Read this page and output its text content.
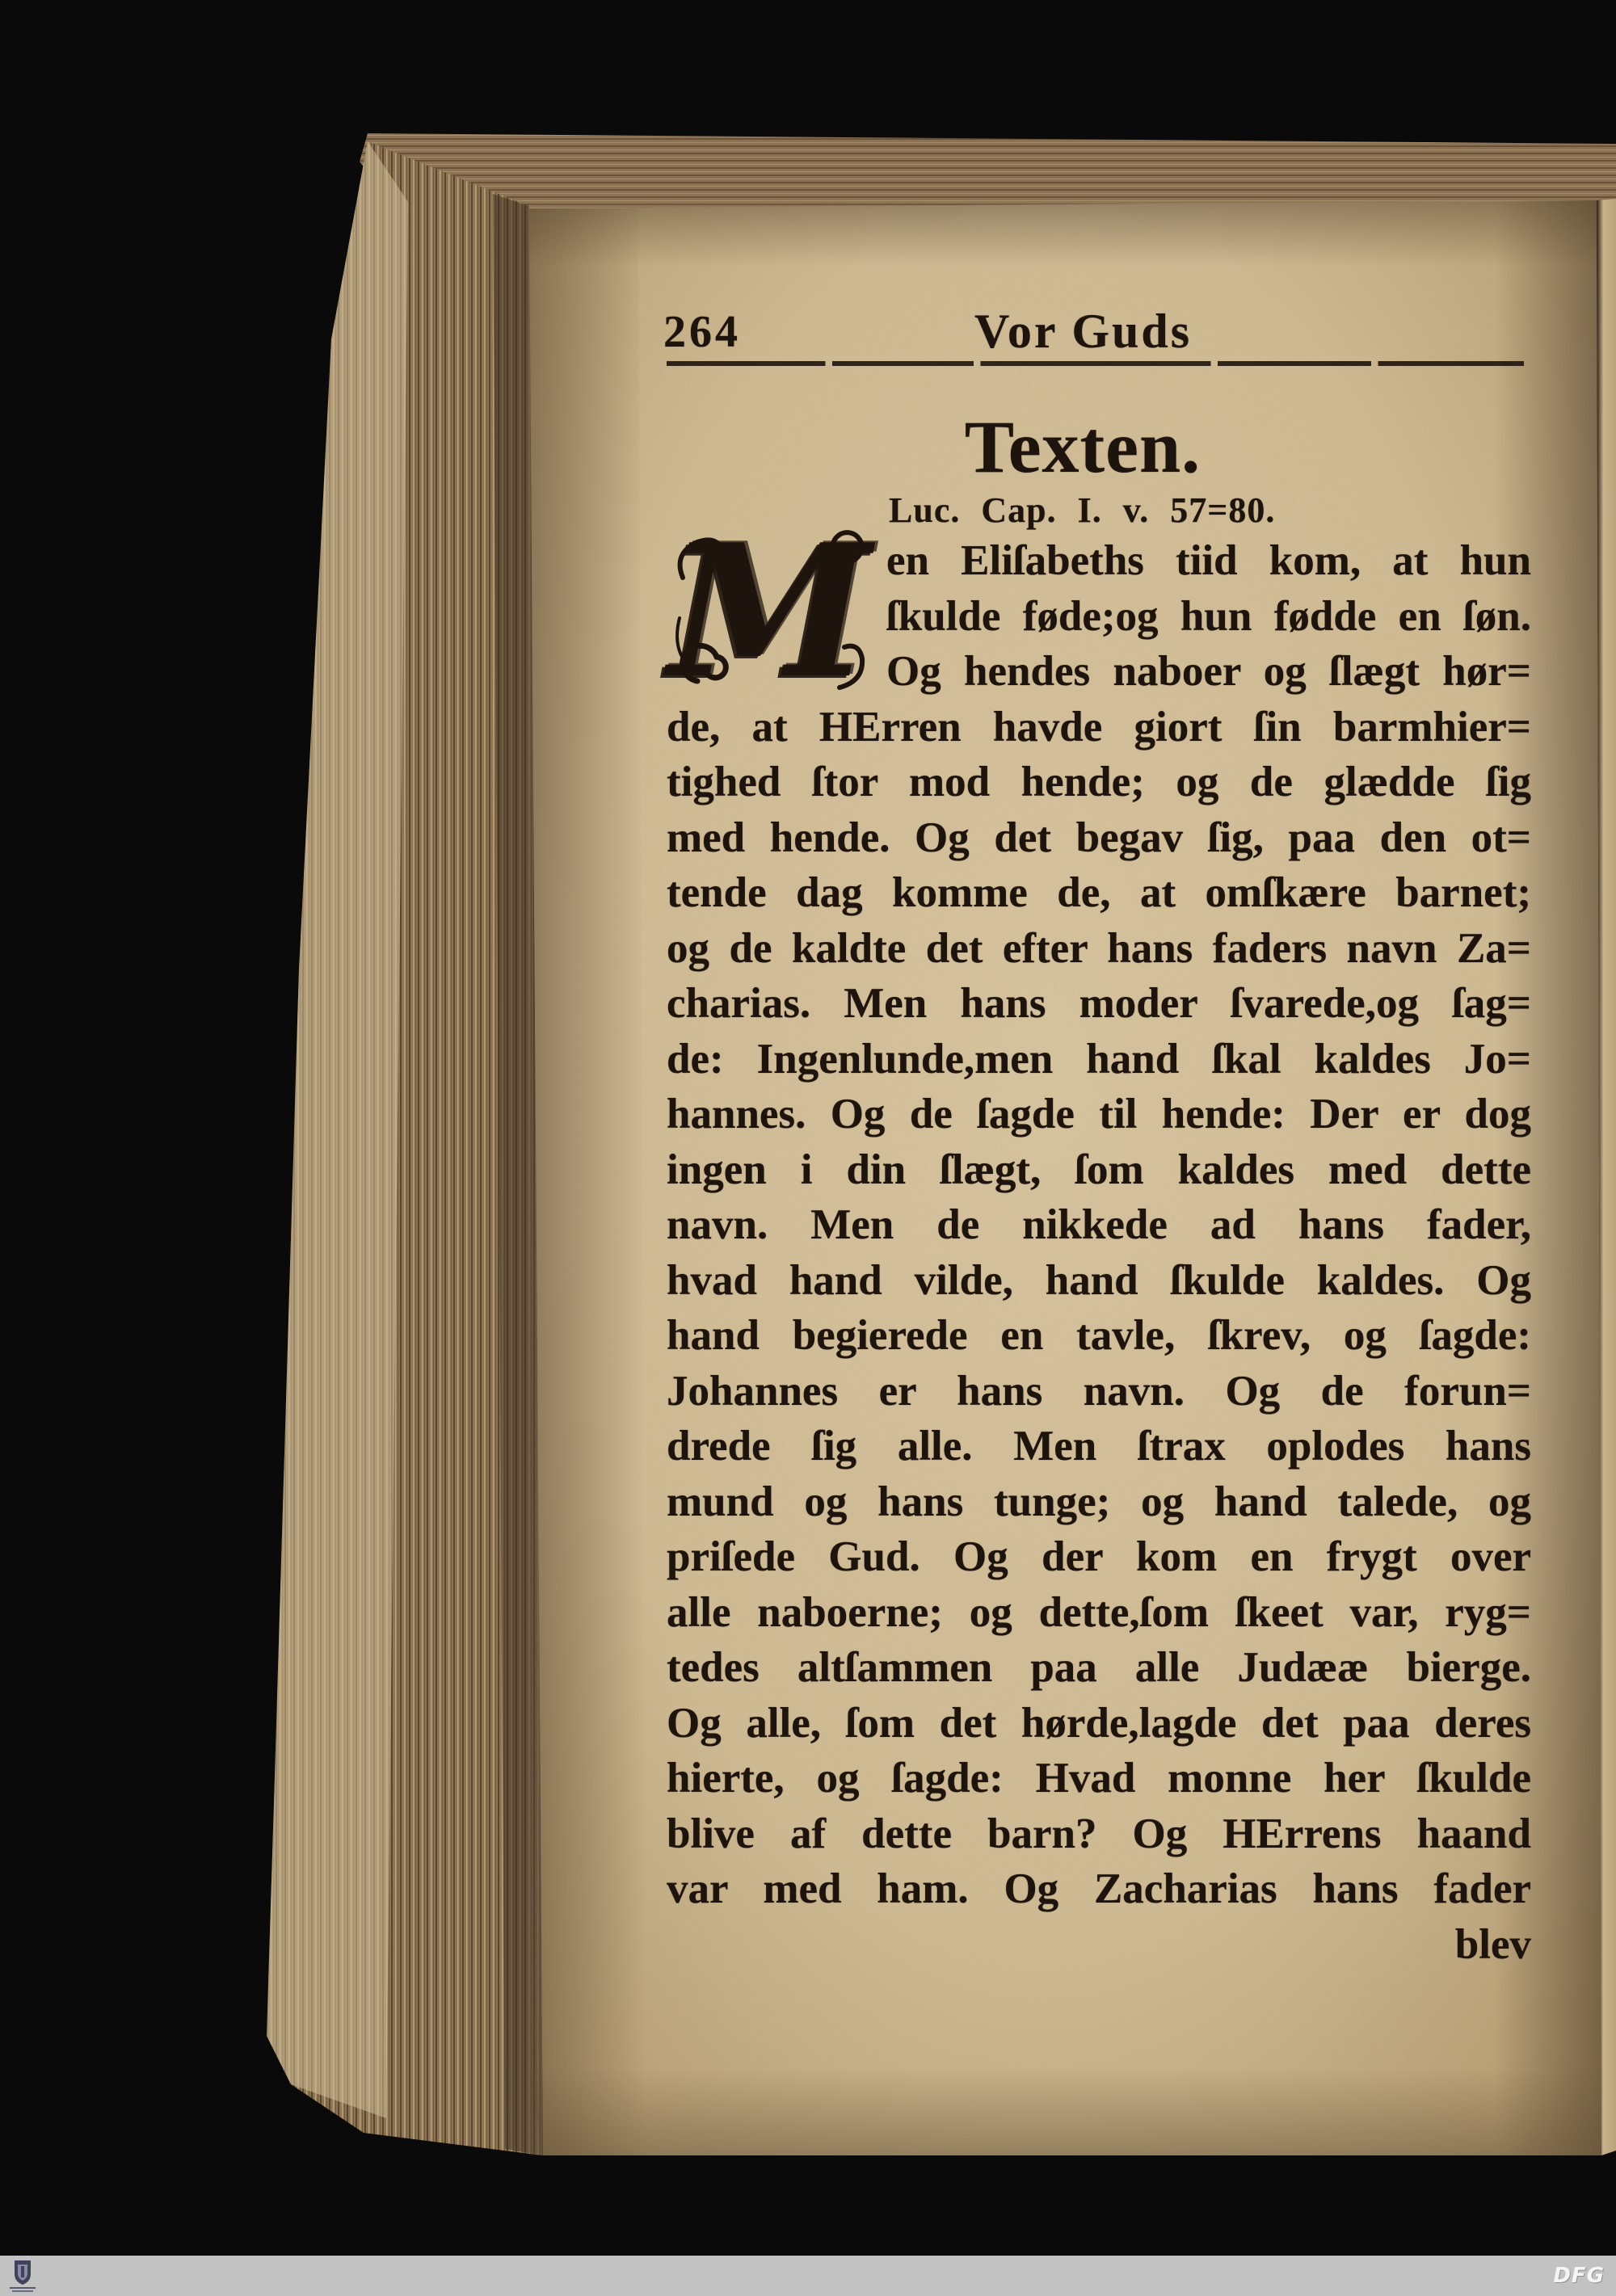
264	Vor Guds
Texten.
Luc. Cap. I. v. 57=80.
M en Eliſabeths tiid kom, at hun
ſkulde føde;og hun fødde en ſøn.
Og hendes naboer og ſlægt hør=
de, at HErren havde giort ſin barmhier=
tighed ſtor mod hende; og de glædde ſig
med hende. Og det begav ſig, paa den ot=
tende dag komme de, at omſkære barnet;
og de kaldte det efter hans faders navn Za=
charias. Men hans moder ſvarede,og ſag=
de: Ingenlunde,men hand ſkal kaldes Jo=
hannes. Og de ſagde til hende: Der er dog
ingen i din ſlægt, ſom kaldes med dette
navn. Men de nikkede ad hans fader,
hvad hand vilde, hand ſkulde kaldes. Og
hand begierede en tavle, ſkrev, og ſagde:
Johannes er hans navn. Og de forun=
drede ſig alle. Men ſtrax oplodes hans
mund og hans tunge; og hand talede, og
priſede Gud. Og der kom en frygt over
alle naboerne; og dette,ſom ſkeet var, ryg=
tedes altſammen paa alle Judææ bierge.
Og alle, ſom det hørde,lagde det paa deres
hierte, og ſagde: Hvad monne her ſkulde
blive af dette barn? Og HErrens haand
var med ham. Og Zacharias hans fader
blev
DFG
